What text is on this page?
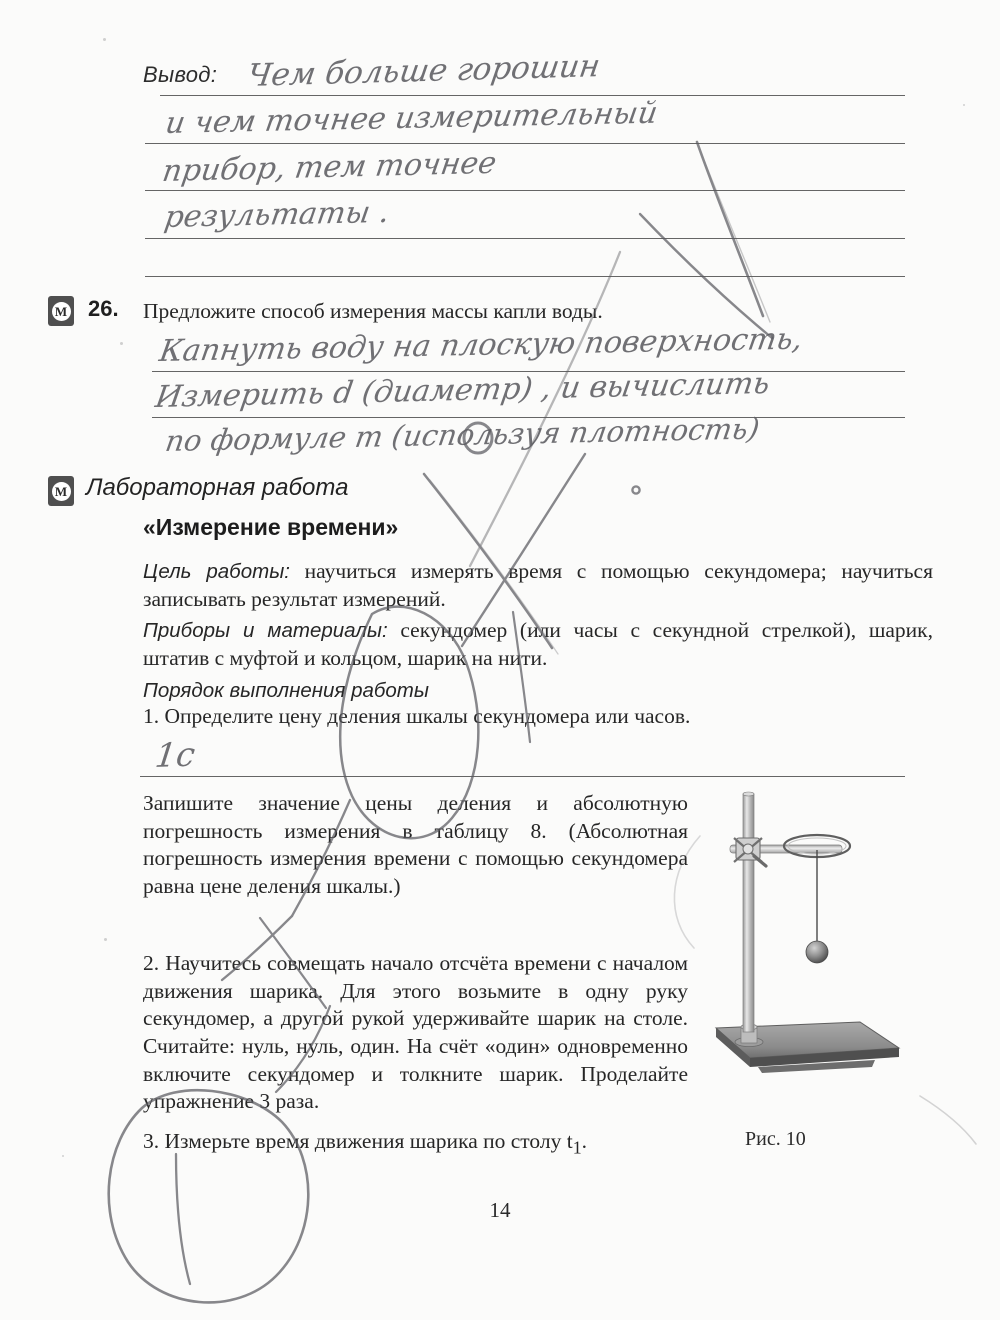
Вывод: Чем больше горошин
и чем точнее измерительный
прибор, тем точнее
результаты .
М 26. Предложите способ измерения массы капли воды.
Капнуть воду на плоскую поверхность,
Измерить d (диаметр) , и вычислить
по формуле m (используя плотность)
М Лабораторная работа
«Измерение времени»
Цель работы: научиться измерять время с помощью секундомера; научиться записывать результат измерений.
Приборы и материалы: секундомер (или часы с секундной стрелкой), шарик, штатив с муфтой и кольцом, шарик на нити.
Порядок выполнения работы
1. Определите цену деления шкалы секундомера или часов.
1с
Запишите значение цены деления и абсолютную погрешность измерения в таблицу 8. (Абсолютная погрешность измерения времени с помощью секундомера равна цене деления шкалы.)
2. Научитесь совмещать начало отсчёта времени с началом движения шарика. Для этого возьмите в одну руку секундомер, а другой рукой удерживайте шарик на столе. Считайте: нуль, нуль, один. На счёт «один» одновременно включите секундомер и толкните шарик. Проделайте упражнение 3 раза.
3. Измерьте время движения шарика по столу $t_1$.	Рис. 10
14
